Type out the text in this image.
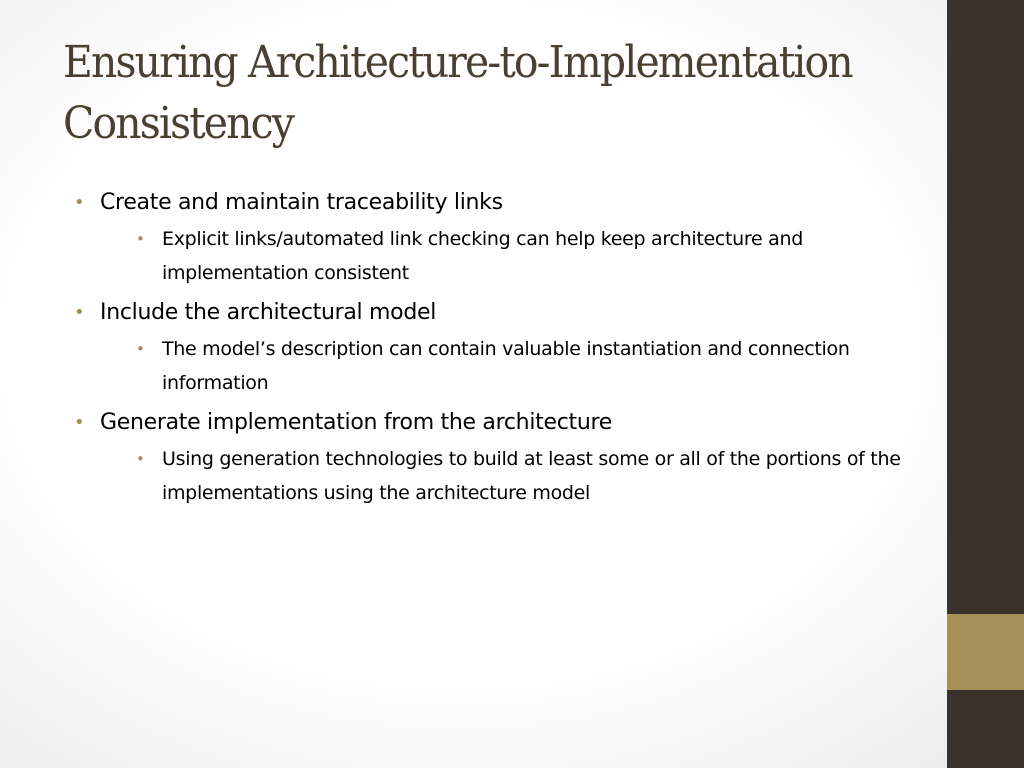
Ensuring Architecture-to-Implementation Consistency
• Create and maintain traceability links
• Explicit links/automated link checking can help keep architecture and implementation consistent
• Include the architectural model
• The model’s description can contain valuable instantiation and connection information
• Generate implementation from the architecture
• Using generation technologies to build at least some or all of the portions of the implementations using the architecture model
